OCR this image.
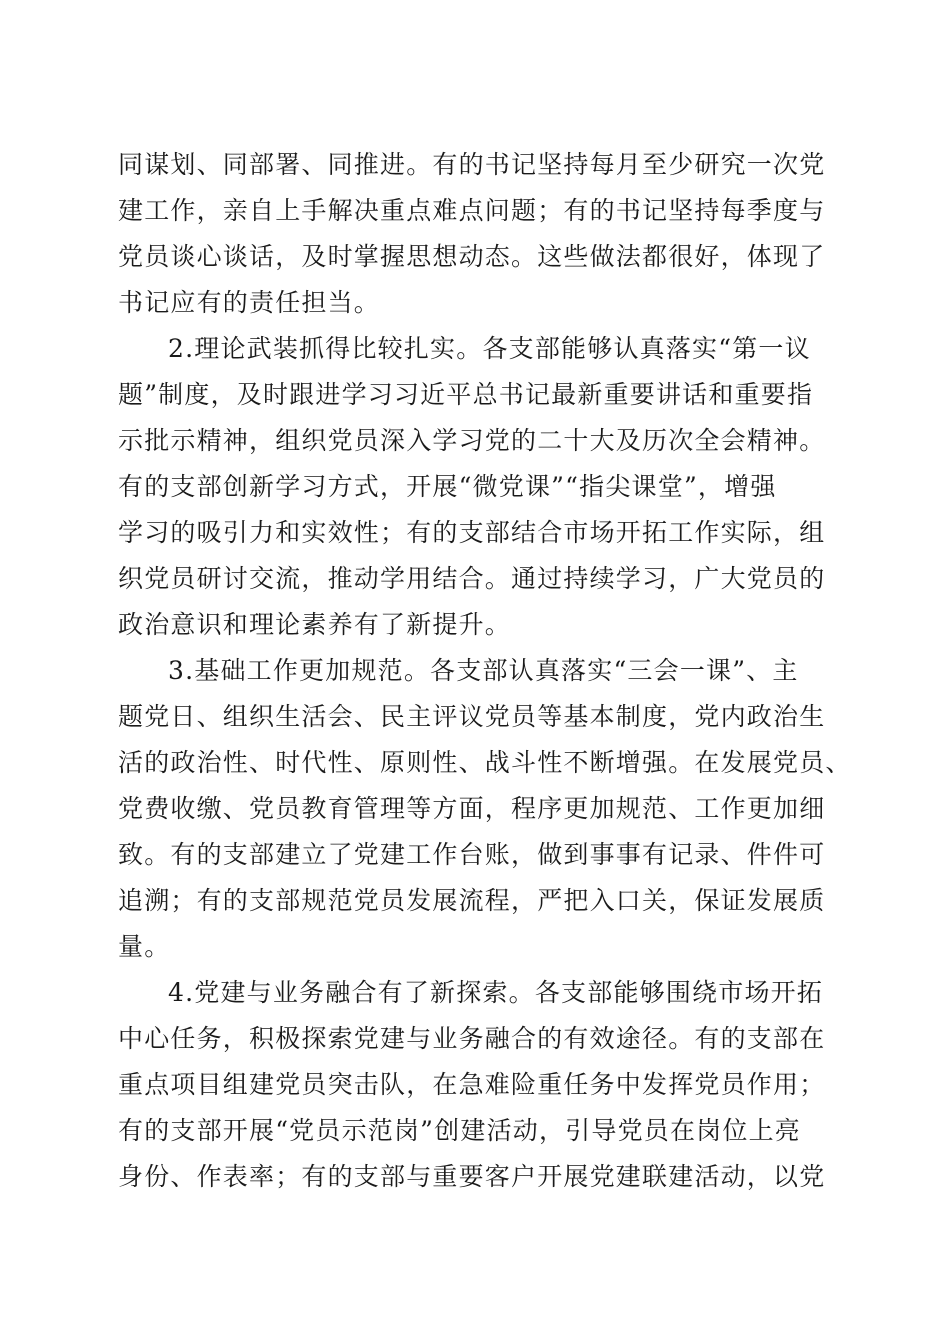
同谋划、同部署、同推进。有的书记坚持每月至少研究一次党
建工作，亲自上手解决重点难点问题；有的书记坚持每季度与
党员谈心谈话，及时掌握思想动态。这些做法都很好，体现了
书记应有的责任担当。
2.理论武装抓得比较扎实。各支部能够认真落实“第一议
题”制度，及时跟进学习习近平总书记最新重要讲话和重要指
示批示精神，组织党员深入学习党的二十大及历次全会精神。
有的支部创新学习方式，开展“微党课”“指尖课堂”，增强
学习的吸引力和实效性；有的支部结合市场开拓工作实际，组
织党员研讨交流，推动学用结合。通过持续学习，广大党员的
政治意识和理论素养有了新提升。
3.基础工作更加规范。各支部认真落实“三会一课”、主
题党日、组织生活会、民主评议党员等基本制度，党内政治生
活的政治性、时代性、原则性、战斗性不断增强。在发展党员、
党费收缴、党员教育管理等方面，程序更加规范、工作更加细
致。有的支部建立了党建工作台账，做到事事有记录、件件可
追溯；有的支部规范党员发展流程，严把入口关，保证发展质
量。
4.党建与业务融合有了新探索。各支部能够围绕市场开拓
中心任务，积极探索党建与业务融合的有效途径。有的支部在
重点项目组建党员突击队，在急难险重任务中发挥党员作用；
有的支部开展“党员示范岗”创建活动，引导党员在岗位上亮
身份、作表率；有的支部与重要客户开展党建联建活动，以党
